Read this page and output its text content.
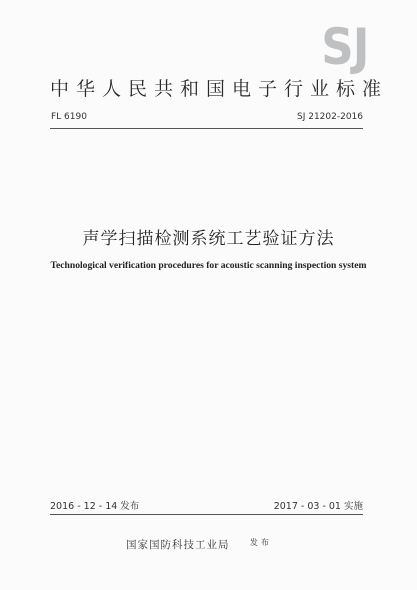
SJ
中华人民共和国电子行业标准
FL 6190	SJ 21202-2016
声学扫描检测系统工艺验证方法
Technological verification procedures for acoustic scanning inspection system
2016 - 12 - 14 发布	2017 - 03 - 01 实施
国家国防科技工业局	$^{发布}$
